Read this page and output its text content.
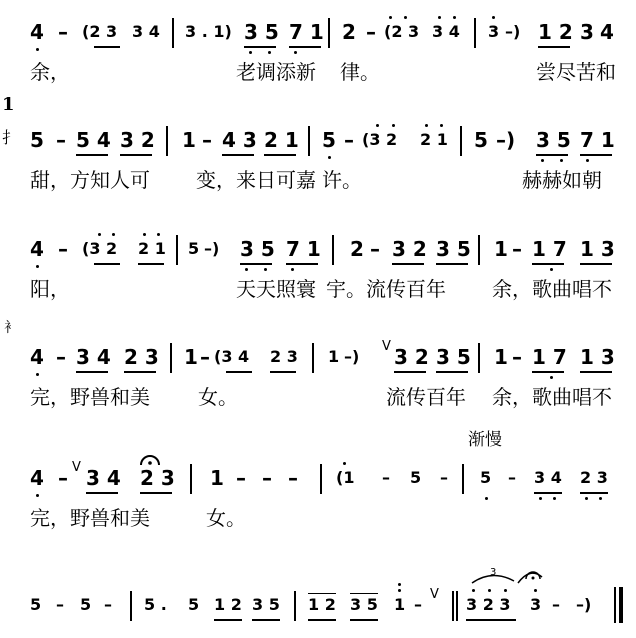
1
扌
衤
4 – (2 3 3 4 3 . 1) 3 5 7 1 2 – (2 3 3 4 3 –) 1 2 3 4
余，	老调添新 律。	尝尽苦和
5 – 5 4 3 2 1 – 4 3 2 1 5 – (3 2 2 1 5 –) 3 5 7 1
甜，方知人可 变，来日可嘉 许。	赫赫如朝
4 – (3 2 2 1 5 –) 3 5 7 1 2 – 3 2 3 5 1 – 1 7 1 3
阳，	天天照寰 宇。流传百年 余，歌曲唱不
4 – 3 4 2 3 1 – (3 4 2 3 1 –)
V 3 2 3 5 1 – 1 7 1 3
完，野兽和美 女。	流传百年 余，歌曲唱不
渐慢
4 – V 3 4 2 3 1 – – – (1 – 5 – 5 – 3 4 2 3
完，野兽和美	女。
5 – 5 – 5 . 5 1 2 3 5 1 2 3 5 1 –
V
3 2 3 3 – –)
3
